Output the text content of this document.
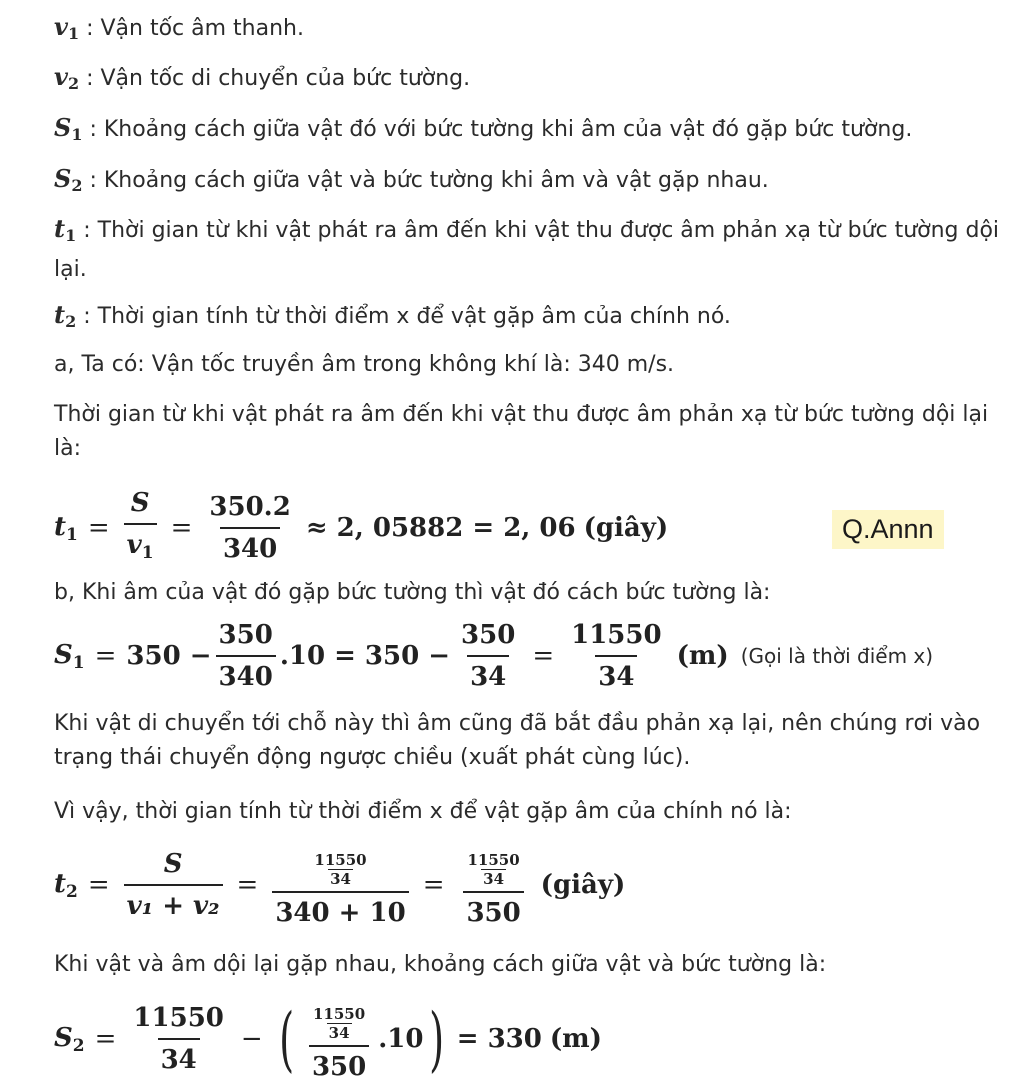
$v_1$ : Vận tốc âm thanh.
$v_2$ : Vận tốc di chuyển của bức tường.
$S_1$ : Khoảng cách giữa vật đó với bức tường khi âm của vật đó gặp bức tường.
$S_2$ : Khoảng cách giữa vật và bức tường khi âm và vật gặp nhau.
$t_1$ : Thời gian từ khi vật phát ra âm đến khi vật thu được âm phản xạ từ bức tường dội lại.
$t_2$ : Thời gian tính từ thời điểm x để vật gặp âm của chính nó.
a, Ta có: Vận tốc truyền âm trong không khí là: 340 m/s.
Thời gian từ khi vật phát ra âm đến khi vật thu được âm phản xạ từ bức tường dội lại là:
$t_1 = \frac{S}{v_1} = \frac{350.2}{340} \approx 2$, 05882 = 2, 06 (giây)
b, Khi âm của vật đó gặp bức tường thì vật đó cách bức tường là:
$S_1 = 350 - \frac{350}{340} .10 = 350 - \frac{350}{34} = \frac{11550}{34} (m)$ (Gọi là thời điểm x)
Khi vật di chuyển tới chỗ này thì âm cũng đã bắt đầu phản xạ lại, nên chúng rơi vào trạng thái chuyển động ngược chiều (xuất phát cùng lúc).
Vì vậy, thời gian tính từ thời điểm x để vật gặp âm của chính nó là:
$t_2 = \frac{S}{\text{v₁ + v₂}} = \frac{\frac{11550}{34}}{340 + 10} = \frac{\frac{11550}{34}}{350}$ (giây)
Khi vật và âm dội lại gặp nhau, khoảng cách giữa vật và bức tường là:
$S_2 = \frac{11550}{34}$ − ( $\frac{\frac{11550}{34}}{350} .10$ ) = 330 (m)
Q.Annn
